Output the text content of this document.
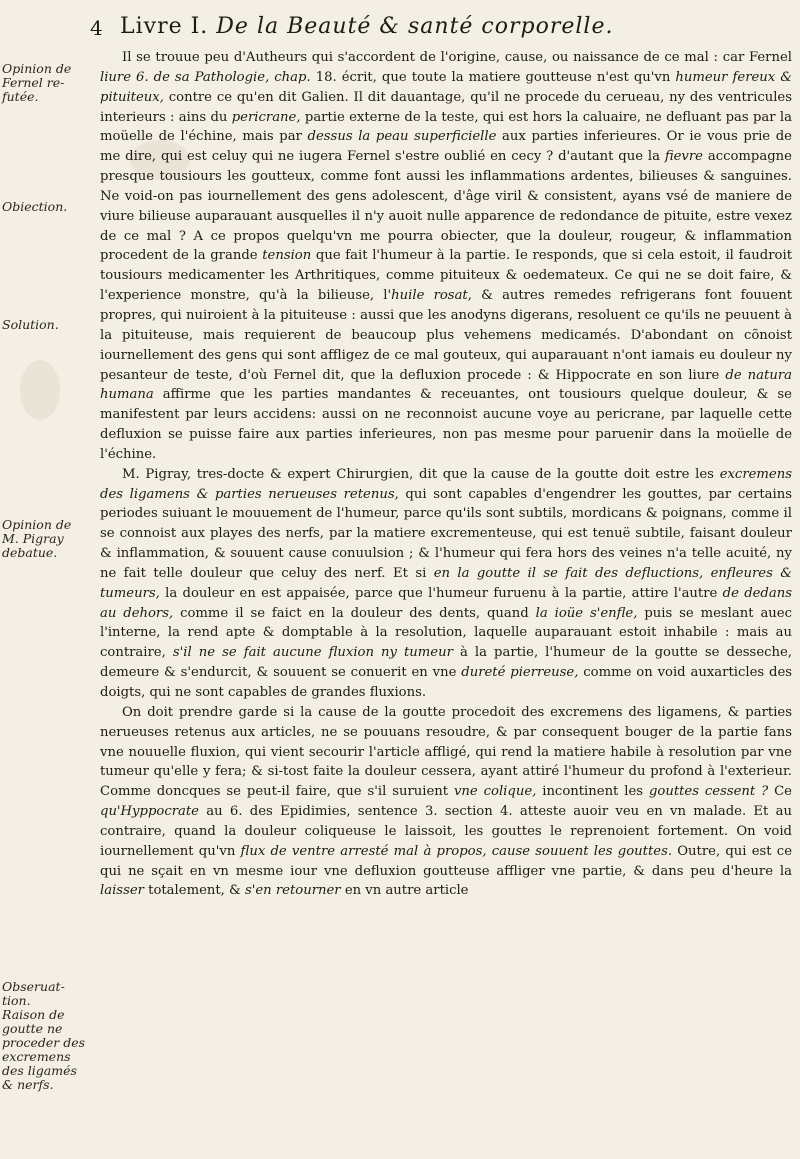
4 Livre I. De la Beauté & santé corporelle.
Opinion de
Fernel re-
futée.
Obiection.
Solution.
Opinion de
M. Pigray
debatue.
Obseruat-
tion.
Raison de
goutte ne
proceder des
excremens
des ligamés
& nerfs.

Il se trouue peu d'Autheurs qui s'accordent de l'origine, cause, ou naissance de ce mal : car Fernel liure 6. de sa Pathologie, chap. 18. écrit, que toute la matiere goutteuse n'est qu'vn humeur fereux & pituiteux, contre ce qu'en dit Galien. Il dit dauantage, qu'il ne procede du cerueau, ny des ventricules interieurs : ains du pericrane, partie externe de la teste, qui est hors la caluaire, ne defluant pas par la moüelle de l'échine, mais par dessus la peau superficielle aux parties inferieures. Or ie vous prie de me dire, qui est celuy qui ne iugera Fernel s'estre oublié en cecy ? d'autant que la fievre accompagne presque tousiours les goutteux, comme font aussi les inflammations ardentes, bilieuses & sanguines. Ne void-on pas iournellement des gens adolescent, d'âge viril & consistent, ayans vsé de maniere de viure bilieuse auparauant ausquelles il n'y auoit nulle apparence de redondance de pituite, estre vexez de ce mal ? A ce propos quelqu'vn me pourra obiecter, que la douleur, rougeur, & inflammation procedent de la grande tension que fait l'humeur à la partie. Ie responds, que si cela estoit, il faudroit tousiours medicamenter les Arthritiques, comme pituiteux & oedemateux. Ce qui ne se doit faire, & l'experience monstre, qu'à la bilieuse, l'huile rosat, & autres remedes refrigerans font fouuent propres, qui nuiroient à la pituiteuse : aussi que les anodyns digerans, resoluent ce qu'ils ne peuuent à la pituiteuse, mais requierent de beaucoup plus vehemens medicamés. D'abondant on cõnoist iournellement des gens qui sont affligez de ce mal gouteux, qui auparauant n'ont iamais eu douleur ny pesanteur de teste, d'où Fernel dit, que la defluxion procede : & Hippocrate en son liure de natura humana affirme que les parties mandantes & receuantes, ont tousiours quelque douleur, & se manifestent par leurs accidens: aussi on ne reconnoist aucune voye au pericrane, par laquelle cette defluxion se puisse faire aux parties inferieures, non pas mesme pour paruenir dans la moüelle de l'échine.

M. Pigray, tres-docte & expert Chirurgien, dit que la cause de la goutte doit estre les excremens des ligamens & parties nerueuses retenus, qui sont capables d'engendrer les gouttes, par certains periodes suiuant le mouuement de l'humeur, parce qu'ils sont subtils, mordicans & poignans, comme il se connoist aux playes des nerfs, par la matiere excrementeuse, qui est tenuë subtile, faisant douleur & inflammation, & souuent cause conuulsion ; & l'humeur qui fera hors des veines n'a telle acuité, ny ne fait telle douleur que celuy des nerf. Et si en la goutte il se fait des defluctions, enfleures & tumeurs, la douleur en est appaisée, parce que l'humeur furuenu à la partie, attire l'autre de dedans au dehors, comme il se faict en la douleur des dents, quand la ioüe s'enfle, puis se meslant auec l'interne, la rend apte & domptable à la resolution, laquelle auparauant estoit inhabile : mais au contraire, s'il ne se fait aucune fluxion ny tumeur à la partie, l'humeur de la goutte se desseche, demeure & s'endurcit, & souuent se conuerit en vne dureté pierreuse, comme on void auxarticles des doigts, qui ne sont capables de grandes fluxions.

On doit prendre garde si la cause de la goutte procedoit des excremens des ligamens, & parties nerueuses retenus aux articles, ne se pouuans resoudre, & par consequent bouger de la partie fans vne nouuelle fluxion, qui vient secourir l'article affligé, qui rend la matiere habile à resolution par vne tumeur qu'elle y fera; & si-tost faite la douleur cessera, ayant attiré l'humeur du profond à l'exterieur. Comme doncques se peut-il faire, que s'il suruient vne colique, incontinent les gouttes cessent ? Ce qu'Hyppocrate au 6. des Epidimies, sentence 3. section 4. atteste auoir veu en vn malade. Et au contraire, quand la douleur coliqueuse le laissoit, les gouttes le reprenoient fortement. On void iournellement qu'vn flux de ventre arresté mal à propos, cause souuent les gouttes. Outre, qui est ce qui ne sçait en vn mesme iour vne defluxion goutteuse affliger vne partie, & dans peu d'heure la laisser totalement, & s'en retourner en vn autre article
